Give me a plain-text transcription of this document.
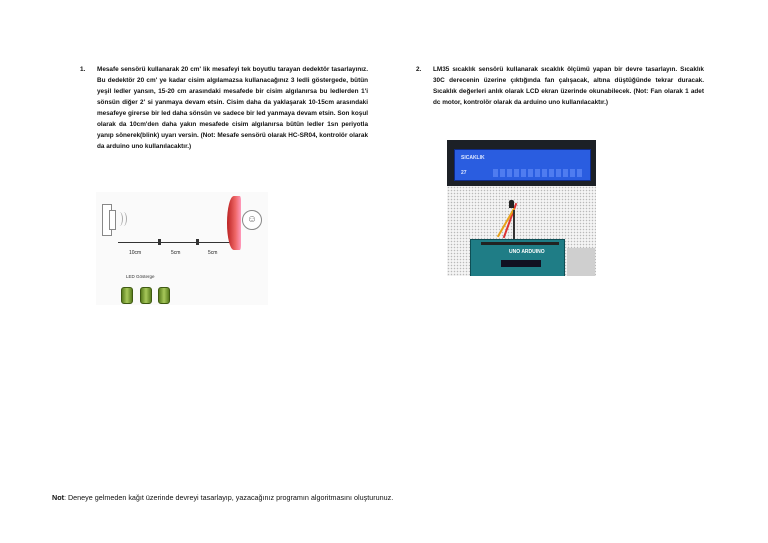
1. Mesafe sensörü kullanarak 20 cm' lik mesafeyi tek boyutlu tarayan dedektör tasarlayınız. Bu dedektör 20 cm' ye kadar cisim algılamazsa kullanacağınız 3 ledli göstergede, bütün yeşil ledler yansın, 15-20 cm arasındaki mesafede bir cisim algılanırsa bu ledlerden 1'i sönsün diğer 2' si yanmaya devam etsin. Cisim daha da yaklaşarak 10-15cm arasındaki mesafeye girerse bir led daha sönsün ve sadece bir led yanmaya devam etsin. Son koşul olarak da 10cm'den daha yakın mesafede cisim algılanırsa bütün ledler 1sn periyotla yanıp sönerek(blink) uyarı versin. (Not: Mesafe sensörü olarak HC-SR04, kontrolör olarak da arduino uno kullanılacaktır.)
10cm	5cm	5cm
☺
LED Gösterge
2. LM35 sıcaklık sensörü kullanarak sıcaklık ölçümü yapan bir devre tasarlayın. Sıcaklık 30C derecenin üzerine çıktığında fan çalışacak, altına düştüğünde tekrar duracak. Sıcaklık değerleri anlık olarak LCD ekran üzerinde okunabilecek. (Not: Fan olarak 1 adet dc motor, kontrolör olarak da arduino uno kullanılacaktır.)
SICAKLIK
27
UNO ARDUINO
Not: Deneye gelmeden kağıt üzerinde devreyi tasarlayıp, yazacağınız programın algoritmasını oluşturunuz.
